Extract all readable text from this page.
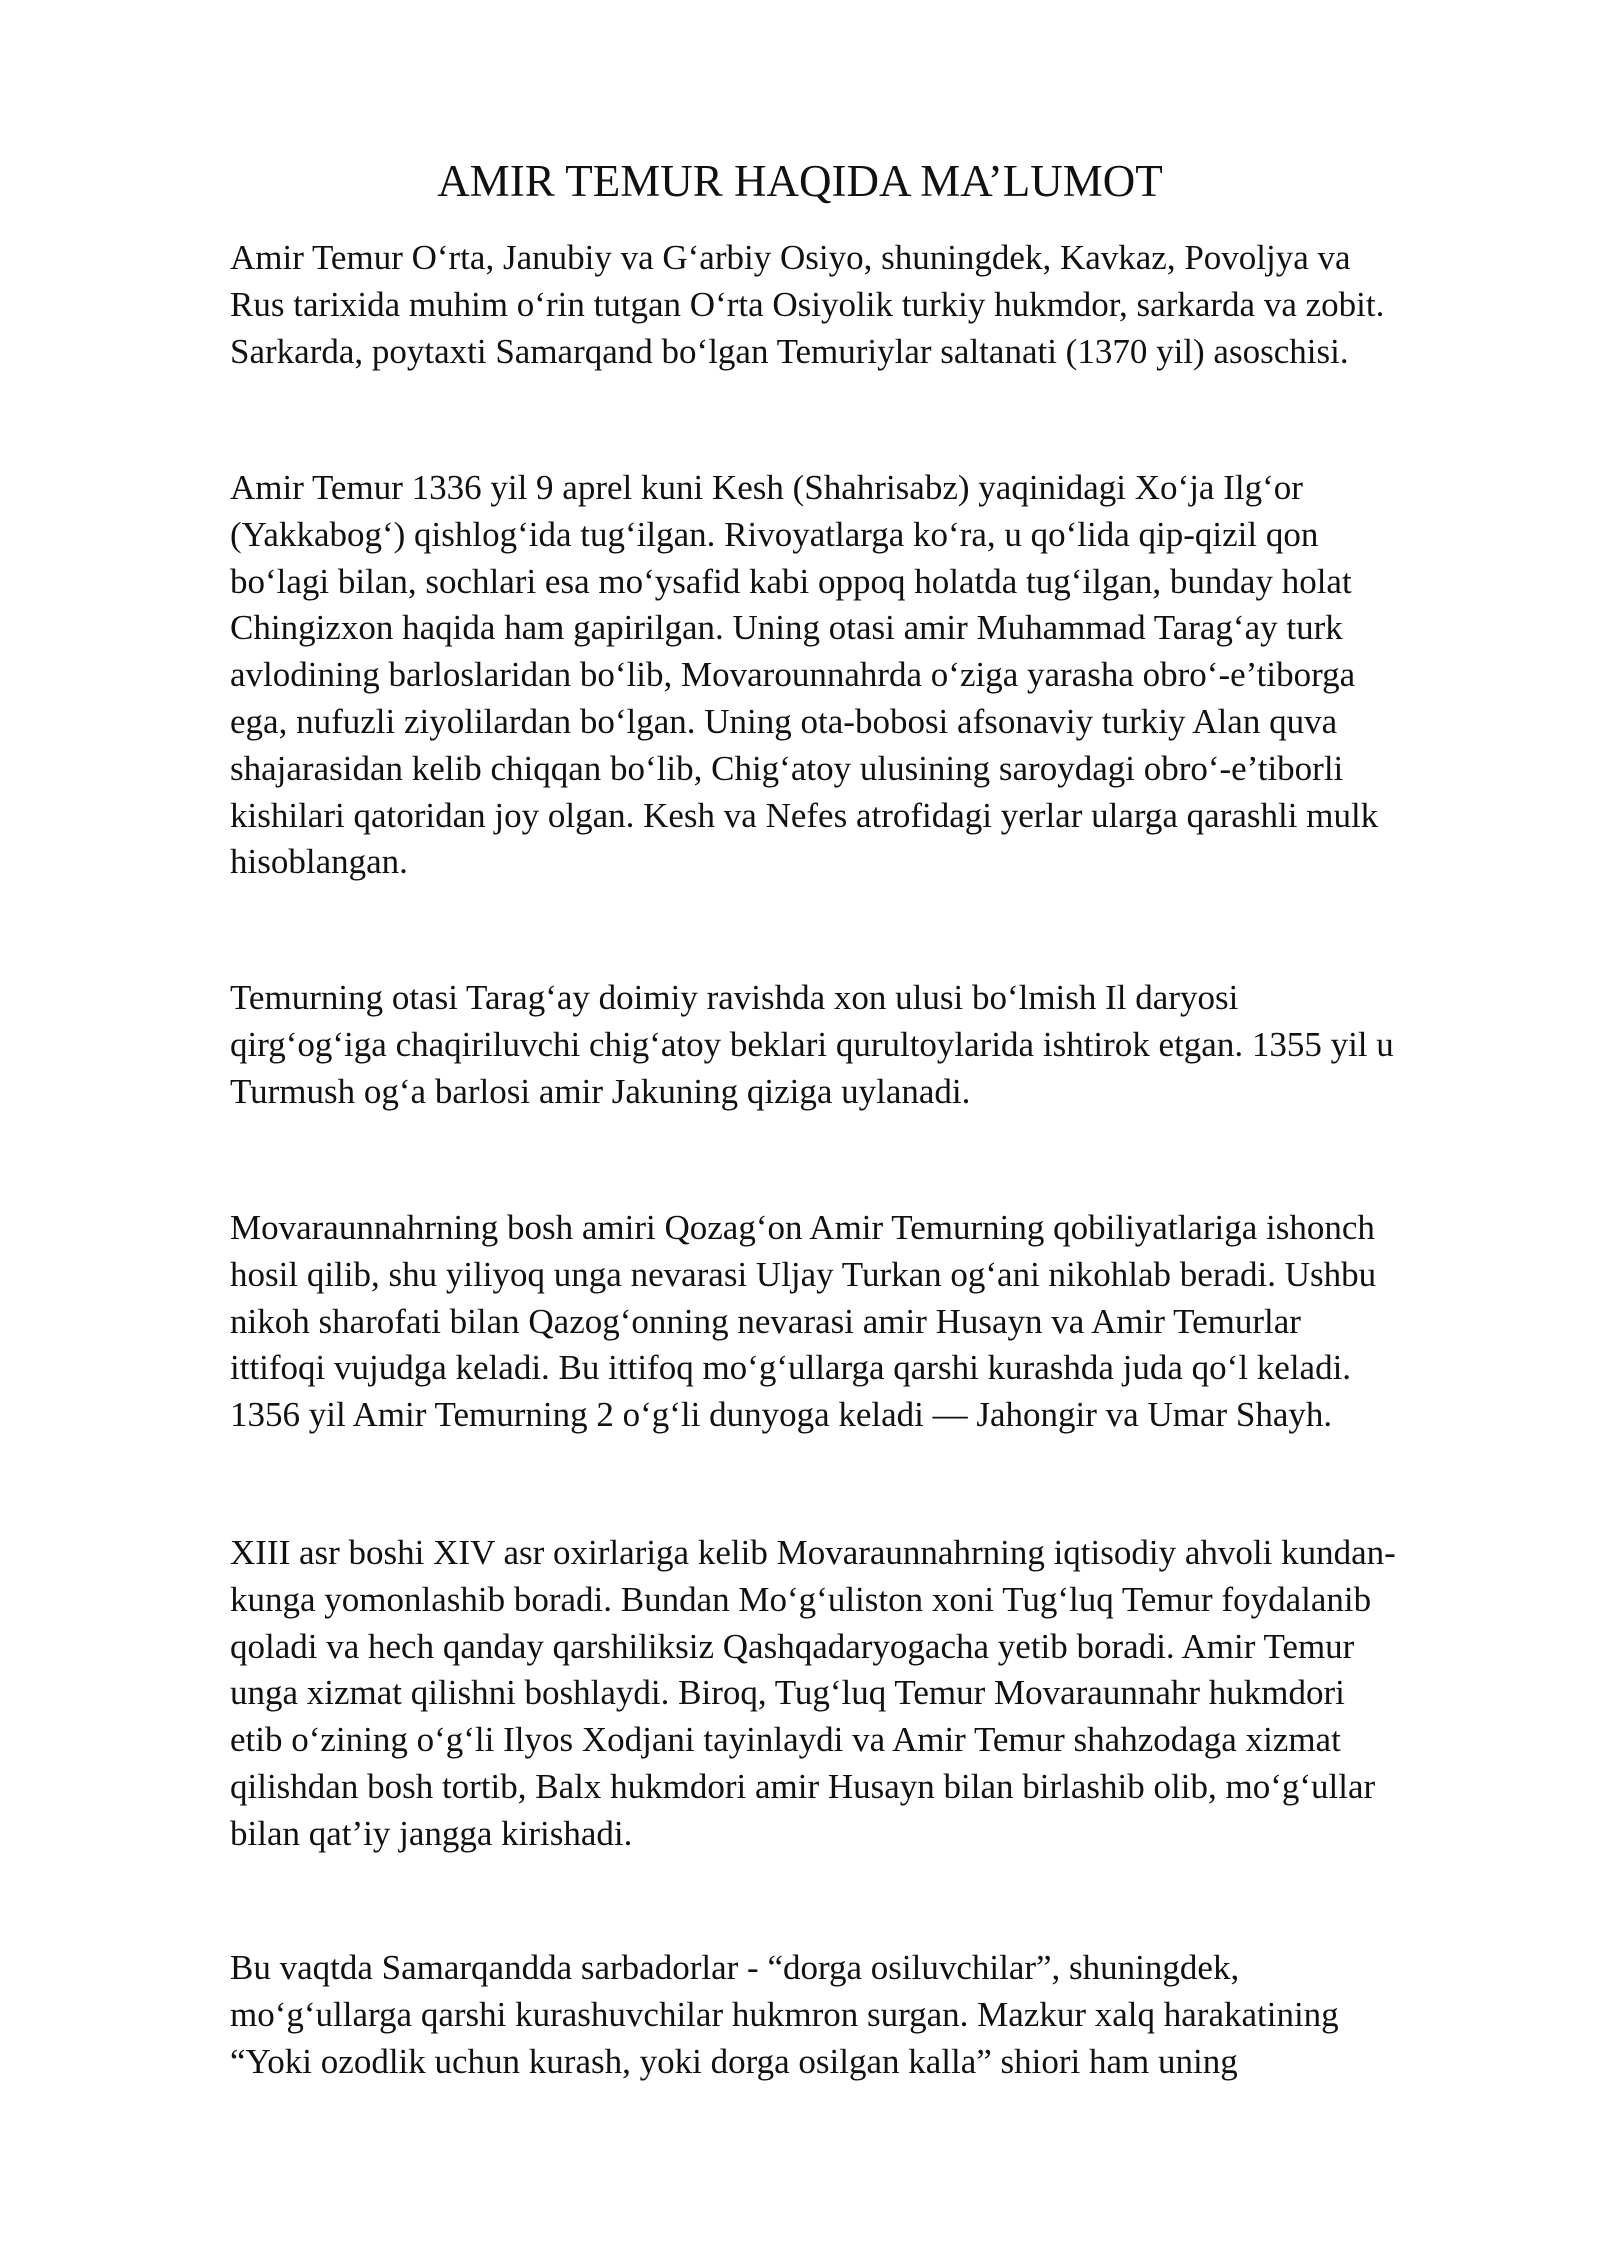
AMIR TEMUR HAQIDA MA’LUMOT
Amir Temur O‘rta, Janubiy va G‘arbiy Osiyo, shuningdek, Kavkaz, Povoljya va
Rus tarixida muhim o‘rin tutgan O‘rta Osiyolik turkiy hukmdor, sarkarda va zobit.
Sarkarda, poytaxti Samarqand bo‘lgan Temuriylar saltanati (1370 yil) asoschisi.
Amir Temur 1336 yil 9 aprel kuni Kesh (Shahrisabz) yaqinidagi Xo‘ja Ilg‘or
(Yakkabog‘) qishlog‘ida tug‘ilgan. Rivoyatlarga ko‘ra, u qo‘lida qip-qizil qon
bo‘lagi bilan, sochlari esa mo‘ysafid kabi oppoq holatda tug‘ilgan, bunday holat
Chingizxon haqida ham gapirilgan. Uning otasi amir Muhammad Tarag‘ay turk
avlodining barloslaridan bo‘lib, Movarounnahrda o‘ziga yarasha obro‘-e’tiborga
ega, nufuzli ziyolilardan bo‘lgan. Uning ota-bobosi afsonaviy turkiy Alan quva
shajarasidan kelib chiqqan bo‘lib, Chig‘atoy ulusining saroydagi obro‘-e’tiborli
kishilari qatoridan joy olgan. Kesh va Nefes atrofidagi yerlar ularga qarashli mulk
hisoblangan.
Temurning otasi Tarag‘ay doimiy ravishda xon ulusi bo‘lmish Il daryosi
qirg‘og‘iga chaqiriluvchi chig‘atoy beklari qurultoylarida ishtirok etgan. 1355 yil u
Turmush og‘a barlosi amir Jakuning qiziga uylanadi.
Movaraunnahrning bosh amiri Qozag‘on Amir Temurning qobiliyatlariga ishonch
hosil qilib, shu yiliyoq unga nevarasi Uljay Turkan og‘ani nikohlab beradi. Ushbu
nikoh sharofati bilan Qazog‘onning nevarasi amir Husayn va Amir Temurlar
ittifoqi vujudga keladi. Bu ittifoq mo‘g‘ullarga qarshi kurashda juda qo‘l keladi.
1356 yil Amir Temurning 2 o‘g‘li dunyoga keladi — Jahongir va Umar Shayh.
XIII asr boshi XIV asr oxirlariga kelib Movaraunnahrning iqtisodiy ahvoli kundan-
kunga yomonlashib boradi. Bundan Mo‘g‘uliston xoni Tug‘luq Temur foydalanib
qoladi va hech qanday qarshiliksiz Qashqadaryogacha yetib boradi. Amir Temur
unga xizmat qilishni boshlaydi. Biroq, Tug‘luq Temur Movaraunnahr hukmdori
etib o‘zining o‘g‘li Ilyos Xodjani tayinlaydi va Amir Temur shahzodaga xizmat
qilishdan bosh tortib, Balx hukmdori amir Husayn bilan birlashib olib, mo‘g‘ullar
bilan qat’iy jangga kirishadi.
Bu vaqtda Samarqandda sarbadorlar - “dorga osiluvchilar”, shuningdek,
mo‘g‘ullarga qarshi kurashuvchilar hukmron surgan. Mazkur xalq harakatining
“Yoki ozodlik uchun kurash, yoki dorga osilgan kalla” shiori ham uning
